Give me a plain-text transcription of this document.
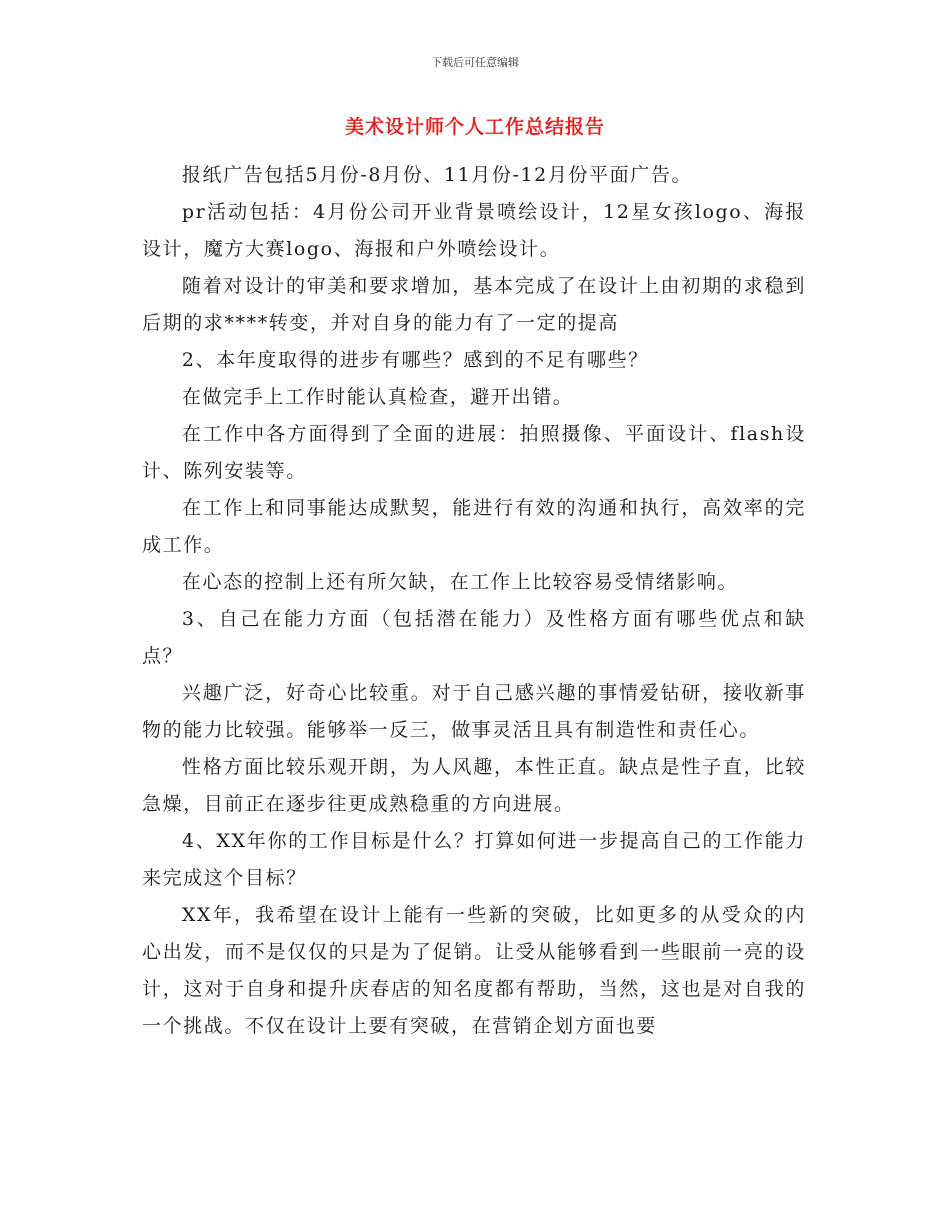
下载后可任意编辑
美术设计师个人工作总结报告

报纸广告包括5月份-8月份、11月份-12月份平面广告。

pr活动包括：4月份公司开业背景喷绘设计，12星女孩logo、海报设计，魔方大赛logo、海报和户外喷绘设计。

随着对设计的审美和要求增加，基本完成了在设计上由初期的求稳到后期的求****转变，并对自身的能力有了一定的提高

2、本年度取得的进步有哪些？感到的不足有哪些？

在做完手上工作时能认真检查，避开出错。

在工作中各方面得到了全面的进展：拍照摄像、平面设计、flash设计、陈列安装等。

在工作上和同事能达成默契，能进行有效的沟通和执行，高效率的完成工作。

在心态的控制上还有所欠缺，在工作上比较容易受情绪影响。

3、自己在能力方面（包括潜在能力）及性格方面有哪些优点和缺点？

兴趣广泛，好奇心比较重。对于自己感兴趣的事情爱钻研，接收新事物的能力比较强。能够举一反三，做事灵活且具有制造性和责任心。

性格方面比较乐观开朗，为人风趣，本性正直。缺点是性子直，比较急燥，目前正在逐步往更成熟稳重的方向进展。

4、XX年你的工作目标是什么？打算如何进一步提高自己的工作能力来完成这个目标？

XX年，我希望在设计上能有一些新的突破，比如更多的从受众的内心出发，而不是仅仅的只是为了促销。让受从能够看到一些眼前一亮的设计，这对于自身和提升庆春店的知名度都有帮助，当然，这也是对自我的一个挑战。不仅在设计上要有突破，在营销企划方面也要
